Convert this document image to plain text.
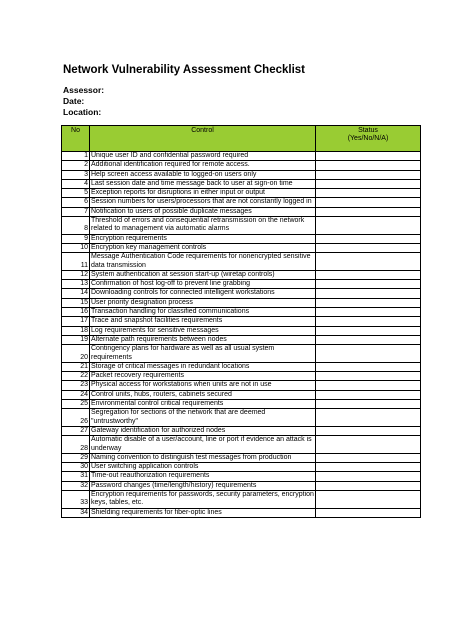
Network Vulnerability Assessment Checklist
Assessor:
Date:
Location:
No	Control	Status
(Yes/No/N/A)
1	Unique user ID and confidential password required	
2	Additional identification required for remote access.	
3	Help screen access available to logged-on users only	
4	Last session date and time message back to user at sign-on time	
5	Exception reports for disruptions in either input or output	
6	Session numbers for users/processors that are not constantly logged in	
7	Notification to users of possible duplicate messages	
8	Threshold of errors and consequential retransmission on the network related to management via automatic alarms	
9	Encryption requirements	
10	Encryption key management controls	
11	Message Authentication Code requirements for nonencrypted sensitive data transmission	
12	System authentication at session start-up (wiretap controls)	
13	Confirmation of host log-off to prevent line grabbing	
14	Downloading controls for connected intelligent workstations	
15	User priority designation process	
16	Transaction handling for classified communications	
17	Trace and snapshot facilities requirements	
18	Log requirements for sensitive messages	
19	Alternate path requirements between nodes	
20	Contingency plans for hardware as well as all usual system requirements	
21	Storage of critical messages in redundant locations	
22	Packet recovery requirements	
23	Physical access for workstations when units are not in use	
24	Control units, hubs, routers, cabinets secured	
25	Environmental control critical requirements	
26	Segregation for sections of the network that are deemed "untrustworthy"	
27	Gateway identification for authorized nodes	
28	Automatic disable of a user/account, line or port if evidence an attack is underway	
29	Naming convention to distinguish test messages from production	
30	User switching application controls	
31	Time-out reauthorization requirements	
32	Password changes (time/length/history) requirements	
33	Encryption requirements for passwords, security parameters, encryption keys, tables, etc.	
34	Shielding requirements for fiber-optic lines	
